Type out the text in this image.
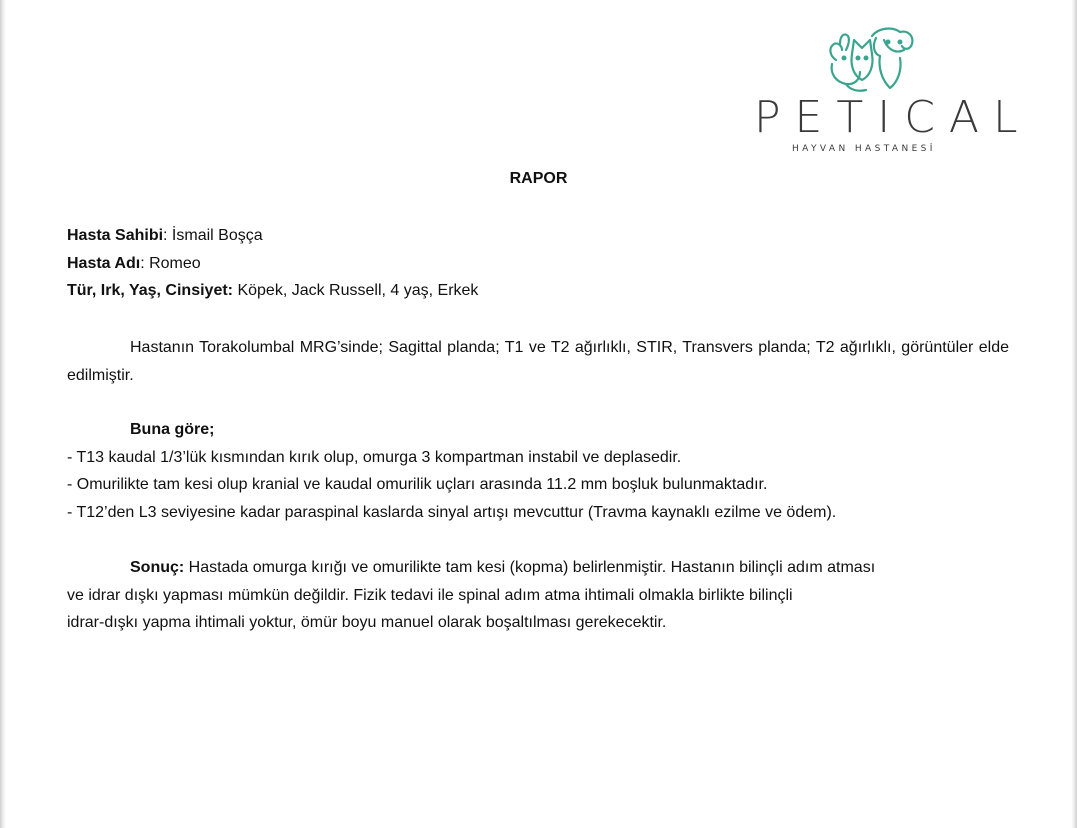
PETICAL
HAYVAN HASTANESİ
RAPOR
Hasta Sahibi: İsmail Boşça
Hasta Adı: Romeo
Tür, Irk, Yaş, Cinsiyet: Köpek, Jack Russell, 4 yaş, Erkek
Hastanın Torakolumbal MRG’sinde; Sagittal planda; T1 ve T2 ağırlıklı, STIR, Transvers planda; T2 ağırlıklı, görüntüler elde edilmiştir.
Buna göre;
- T13 kaudal 1/3’lük kısmından kırık olup, omurga 3 kompartman instabil ve deplasedir.
- Omurilikte tam kesi olup kranial ve kaudal omurilik uçları arasında 11.2 mm boşluk bulunmaktadır.
- T12’den L3 seviyesine kadar paraspinal kaslarda sinyal artışı mevcuttur (Travma kaynaklı ezilme ve ödem).
Sonuç: Hastada omurga kırığı ve omurilikte tam kesi (kopma) belirlenmiştir. Hastanın bilinçli adım atması
ve idrar dışkı yapması mümkün değildir. Fizik tedavi ile spinal adım atma ihtimali olmakla birlikte bilinçli
idrar-dışkı yapma ihtimali yoktur, ömür boyu manuel olarak boşaltılması gerekecektir.
